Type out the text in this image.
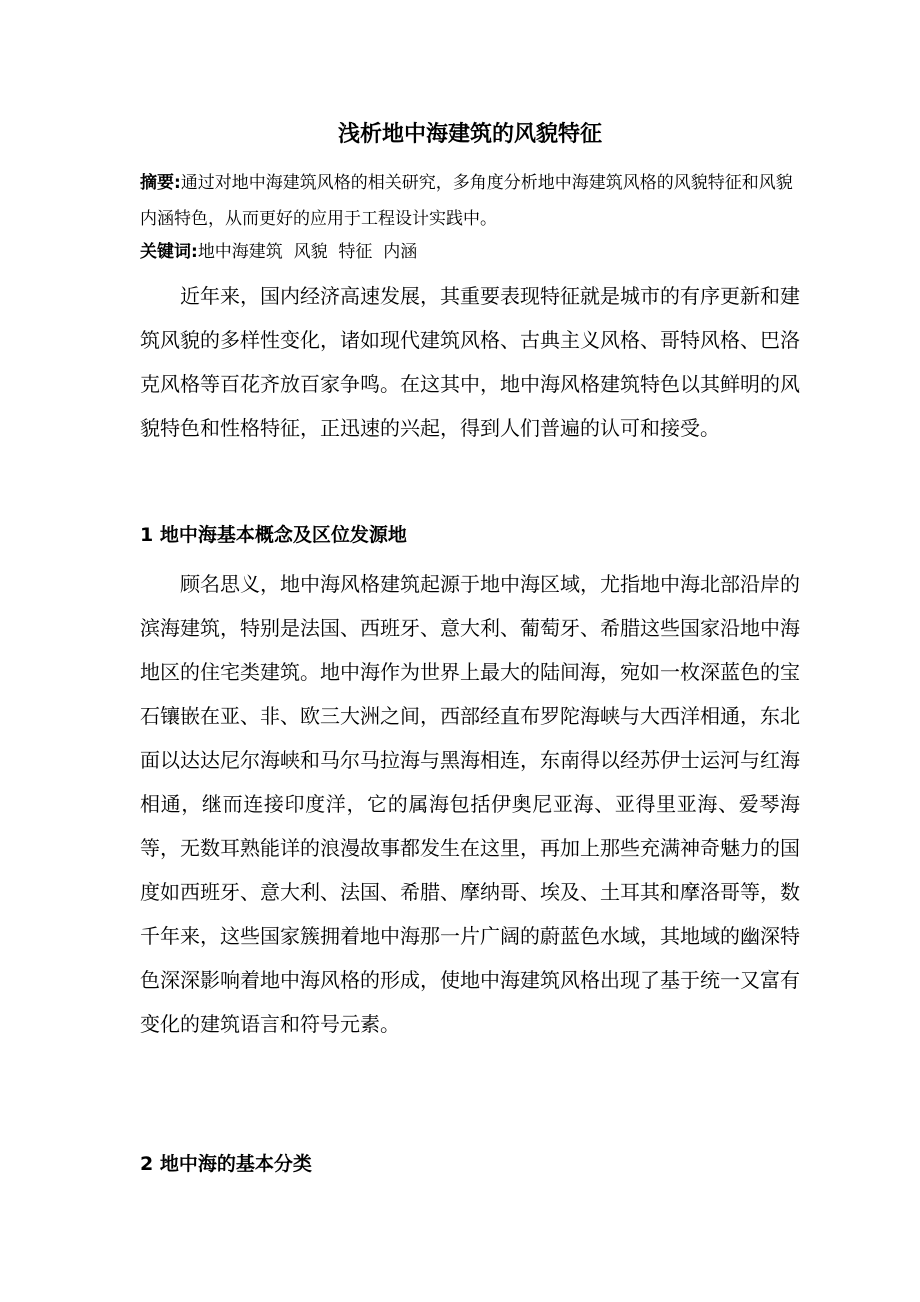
浅析地中海建筑的风貌特征
摘要:通过对地中海建筑风格的相关研究，多角度分析地中海建筑风格的风貌特征和风貌内涵特色，从而更好的应用于工程设计实践中。
关键词:地中海建筑  风貌  特征  内涵

近年来，国内经济高速发展，其重要表现特征就是城市的有序更新和建筑风貌的多样性变化，诸如现代建筑风格、古典主义风格、哥特风格、巴洛克风格等百花齐放百家争鸣。在这其中，地中海风格建筑特色以其鲜明的风貌特色和性格特征，正迅速的兴起，得到人们普遍的认可和接受。

1 地中海基本概念及区位发源地

顾名思义，地中海风格建筑起源于地中海区域，尤指地中海北部沿岸的滨海建筑，特别是法国、西班牙、意大利、葡萄牙、希腊这些国家沿地中海地区的住宅类建筑。地中海作为世界上最大的陆间海，宛如一枚深蓝色的宝石镶嵌在亚、非、欧三大洲之间，西部经直布罗陀海峡与大西洋相通，东北面以达达尼尔海峡和马尔马拉海与黑海相连，东南得以经苏伊士运河与红海相通，继而连接印度洋，它的属海包括伊奥尼亚海、亚得里亚海、爱琴海等，无数耳熟能详的浪漫故事都发生在这里，再加上那些充满神奇魅力的国度如西班牙、意大利、法国、希腊、摩纳哥、埃及、土耳其和摩洛哥等，数千年来，这些国家簇拥着地中海那一片广阔的蔚蓝色水域，其地域的幽深特色深深影响着地中海风格的形成，使地中海建筑风格出现了基于统一又富有变化的建筑语言和符号元素。

2 地中海的基本分类
